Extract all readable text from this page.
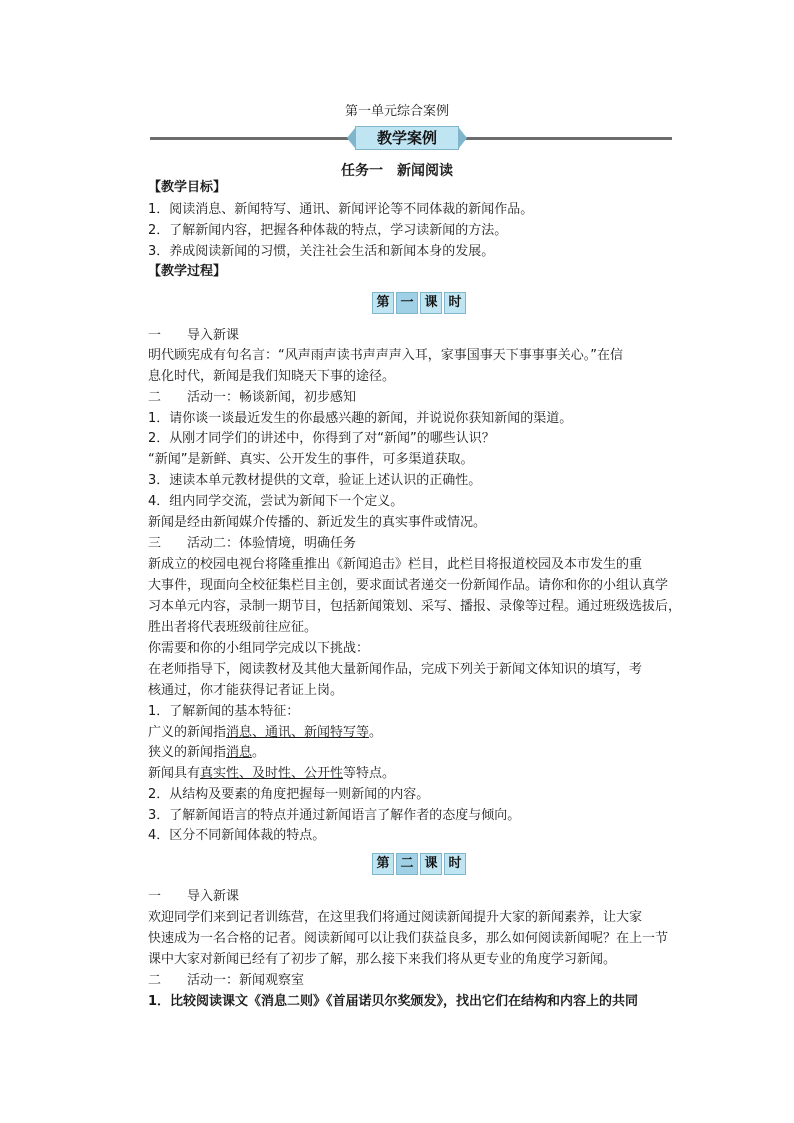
第一单元综合案例
教学案例
任务一　新闻阅读
【教学目标】
1．阅读消息、新闻特写、通讯、新闻评论等不同体裁的新闻作品。
2．了解新闻内容，把握各种体裁的特点，学习读新闻的方法。
3．养成阅读新闻的习惯，关注社会生活和新闻本身的发展。
【教学过程】
第 一 课 时
一　　导入新课
明代顾宪成有句名言：“风声雨声读书声声声入耳，家事国事天下事事事关心。”在信
息化时代，新闻是我们知晓天下事的途径。
二　　活动一：畅谈新闻，初步感知
1．请你谈一谈最近发生的你最感兴趣的新闻，并说说你获知新闻的渠道。
2．从刚才同学们的讲述中，你得到了对“新闻”的哪些认识？
“新闻”是新鲜、真实、公开发生的事件，可多渠道获取。
3．速读本单元教材提供的文章，验证上述认识的正确性。
4．组内同学交流，尝试为新闻下一个定义。
新闻是经由新闻媒介传播的、新近发生的真实事件或情况。
三　　活动二：体验情境，明确任务
新成立的校园电视台将隆重推出《新闻追击》栏目，此栏目将报道校园及本市发生的重
大事件，现面向全校征集栏目主创，要求面试者递交一份新闻作品。请你和你的小组认真学
习本单元内容，录制一期节目，包括新闻策划、采写、播报、录像等过程。通过班级选拔后，
胜出者将代表班级前往应征。
你需要和你的小组同学完成以下挑战：
在老师指导下，阅读教材及其他大量新闻作品，完成下列关于新闻文体知识的填写，考
核通过，你才能获得记者证上岗。
1．了解新闻的基本特征：
广义的新闻指消息、通讯、新闻特写等。
狭义的新闻指消息。
新闻具有真实性、及时性、公开性等特点。
2．从结构及要素的角度把握每一则新闻的内容。
3．了解新闻语言的特点并通过新闻语言了解作者的态度与倾向。
4．区分不同新闻体裁的特点。
第 二 课 时
一　　导入新课
欢迎同学们来到记者训练营，在这里我们将通过阅读新闻提升大家的新闻素养，让大家
快速成为一名合格的记者。阅读新闻可以让我们获益良多，那么如何阅读新闻呢？在上一节
课中大家对新闻已经有了初步了解，那么接下来我们将从更专业的角度学习新闻。
二　　活动一：新闻观察室
1．比较阅读课文《消息二则》《首届诺贝尔奖颁发》，找出它们在结构和内容上的共同
